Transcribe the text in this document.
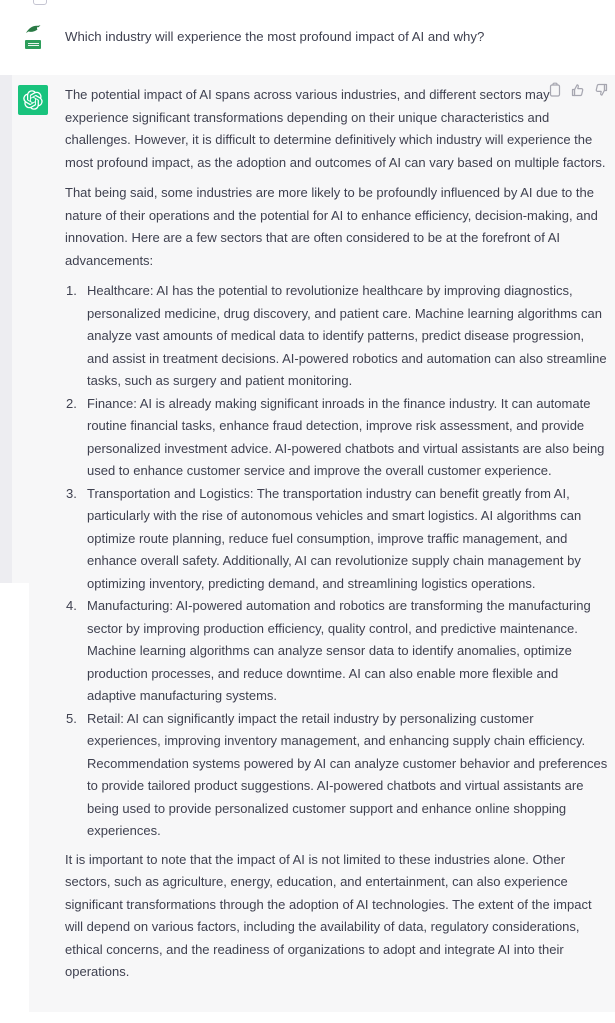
Which industry will experience the most profound impact of AI and why?

The potential impact of AI spans across various industries, and different sectors may experience significant transformations depending on their unique characteristics and challenges. However, it is difficult to determine definitively which industry will experience the most profound impact, as the adoption and outcomes of AI can vary based on multiple factors.

That being said, some industries are more likely to be profoundly influenced by AI due to the nature of their operations and the potential for AI to enhance efficiency, decision-making, and innovation. Here are a few sectors that are often considered to be at the forefront of AI advancements:

1. Healthcare: AI has the potential to revolutionize healthcare by improving diagnostics, personalized medicine, drug discovery, and patient care. Machine learning algorithms can analyze vast amounts of medical data to identify patterns, predict disease progression, and assist in treatment decisions. AI-powered robotics and automation can also streamline tasks, such as surgery and patient monitoring.
2. Finance: AI is already making significant inroads in the finance industry. It can automate routine financial tasks, enhance fraud detection, improve risk assessment, and provide personalized investment advice. AI-powered chatbots and virtual assistants are also being used to enhance customer service and improve the overall customer experience.
3. Transportation and Logistics: The transportation industry can benefit greatly from AI, particularly with the rise of autonomous vehicles and smart logistics. AI algorithms can optimize route planning, reduce fuel consumption, improve traffic management, and enhance overall safety. Additionally, AI can revolutionize supply chain management by optimizing inventory, predicting demand, and streamlining logistics operations.
4. Manufacturing: AI-powered automation and robotics are transforming the manufacturing sector by improving production efficiency, quality control, and predictive maintenance. Machine learning algorithms can analyze sensor data to identify anomalies, optimize production processes, and reduce downtime. AI can also enable more flexible and adaptive manufacturing systems.
5. Retail: AI can significantly impact the retail industry by personalizing customer experiences, improving inventory management, and enhancing supply chain efficiency. Recommendation systems powered by AI can analyze customer behavior and preferences to provide tailored product suggestions. AI-powered chatbots and virtual assistants are being used to provide personalized customer support and enhance online shopping experiences.

It is important to note that the impact of AI is not limited to these industries alone. Other sectors, such as agriculture, energy, education, and entertainment, can also experience significant transformations through the adoption of AI technologies. The extent of the impact will depend on various factors, including the availability of data, regulatory considerations, ethical concerns, and the readiness of organizations to adopt and integrate AI into their operations.
